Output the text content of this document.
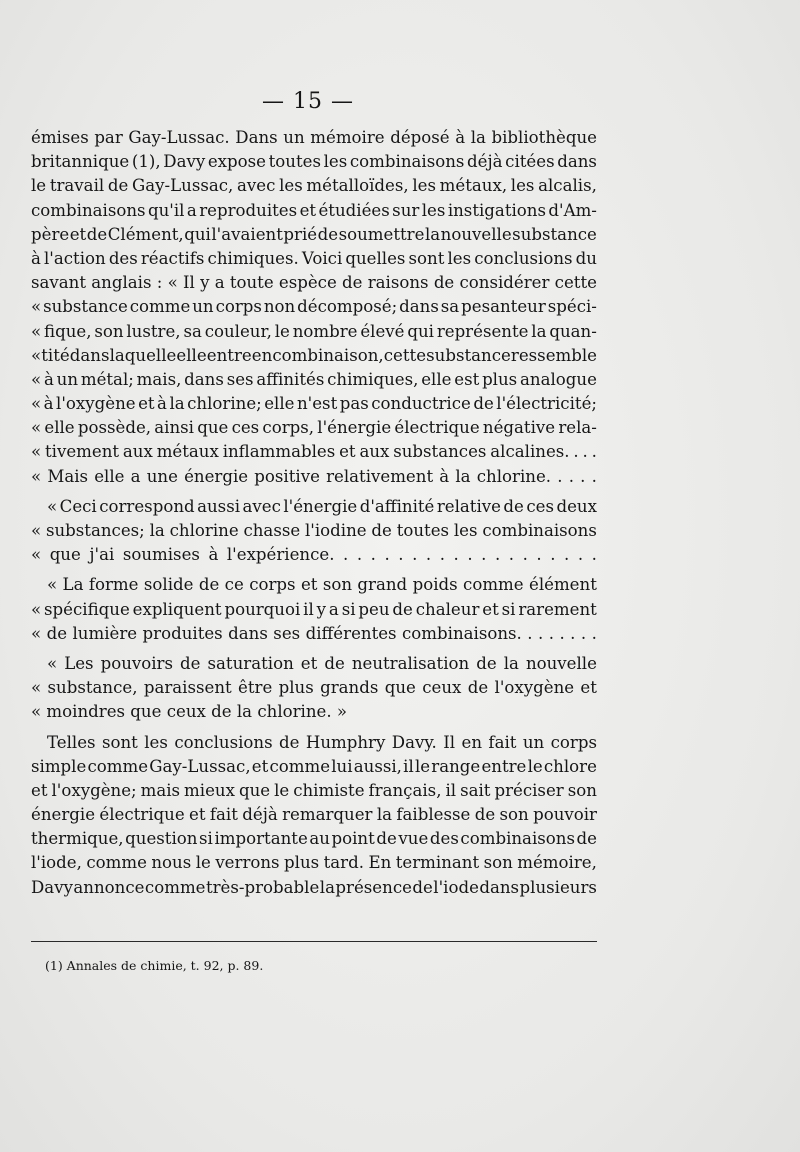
— 15 —
émises par Gay-Lussac. Dans un mémoire déposé à la bibliothèque
britannique (1), Davy expose toutes les combinaisons déjà citées dans
le travail de Gay-Lussac, avec les métalloïdes, les métaux, les alcalis,
combinaisons qu'il a reproduites et étudiées sur les instigations d'Am-
père et de Clément, qui l'avaient prié de soumettre la nouvelle substance
à l'action des réactifs chimiques. Voici quelles sont les conclusions du
savant anglais : « Il y a toute espèce de raisons de considérer cette
« substance comme un corps non décomposé; dans sa pesanteur spéci-
« fique, son lustre, sa couleur, le nombre élevé qui représente la quan-
« tité dans laquelle elle entre en combinaison, cette substance ressemble
« à un métal; mais, dans ses affinités chimiques, elle est plus analogue
« à l'oxygène et à la chlorine; elle n'est pas conductrice de l'électricité;
« elle possède, ainsi que ces corps, l'énergie électrique négative rela-
« tivement aux métaux inflammables et aux substances alcalines. . . .
« Mais elle a une énergie positive relativement à la chlorine. . . . .
« Ceci correspond aussi avec l'énergie d'affinité relative de ces deux
« substances; la chlorine chasse l'iodine de toutes les combinaisons
« que j'ai soumises à l'expérience. . . . . . . . . . . . . . . . . . . .
« La forme solide de ce corps et son grand poids comme élément
« spécifique expliquent pourquoi il y a si peu de chaleur et si rarement
« de lumière produites dans ses différentes combinaisons. . . . . . . .
« Les pouvoirs de saturation et de neutralisation de la nouvelle
« substance, paraissent être plus grands que ceux de l'oxygène et
« moindres que ceux de la chlorine. »
Telles sont les conclusions de Humphry Davy. Il en fait un corps
simple comme Gay-Lussac, et comme lui aussi, il le range entre le chlore
et l'oxygène; mais mieux que le chimiste français, il sait préciser son
énergie électrique et fait déjà remarquer la faiblesse de son pouvoir
thermique, question si importante au point de vue des combinaisons de
l'iode, comme nous le verrons plus tard. En terminant son mémoire,
Davy annonce comme très-probable la présence de l'iode dans plusieurs
(1) Annales de chimie, t. 92, p. 89.
